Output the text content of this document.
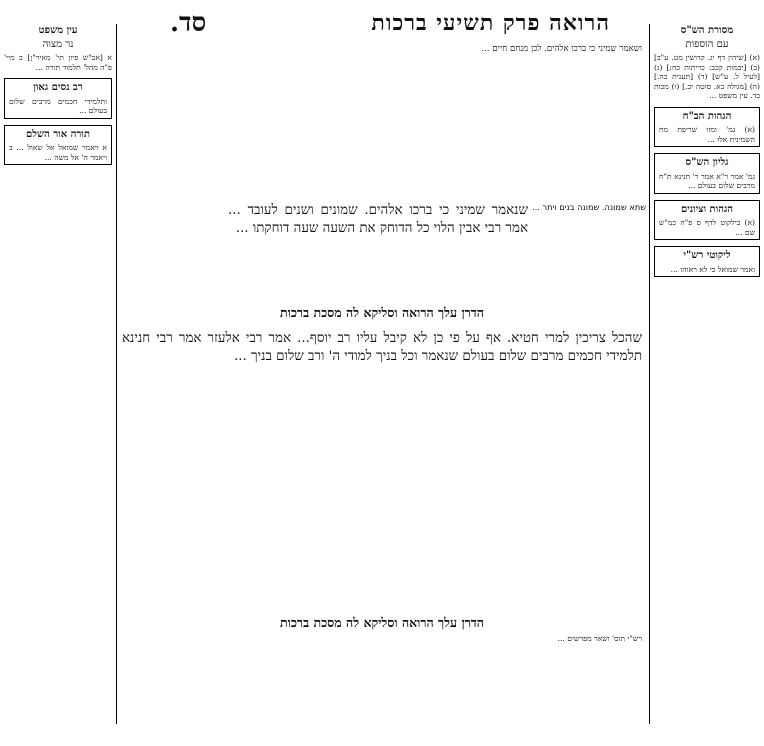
הרואה פרק תשיעי ברכות
סד.	מסורת הש"ס
עם הוספות

(א) [שיהין דף יג. קדושין מט. ע"ב] (ב) [יבמות קכב: כריתות כח:] (ג) [לעיל ל. ע"ש] (ד) [תענית כה.] (ה) [מגילה כא. סוטה יב.] (ו) מכות כד. עין משפט ...

הגהות הב"ח

(א) גמ' ומזו שריפת מח השמינית אלו ...

גליון הש"ס

גמ' אמר ר"א אמר ר' חנינא ת"ח מרבים שלום בעולם ...

הגהות וציונים

(א) בילקוט לדף ס פ"ה כמ"ש שם ...

ליקוטי רש"י

ואמר שמואל כי לא ראוהו ...

עין משפט
נר מצוה

א [אב"ש פיון תי' מאיר"ן] ב מיי' פ"ה מהל' תלמוד תורה ...

רב נסים גאון

ותלמידי חכמים מרבים שלום בעולם ...

תורה אור השלם

א ויאמר שמואל אל שאול ... ב ויאמר ה' אל משה ...

ושאמר שמיני כי ברכו אלהים. לכן מנחם חיים ...

שנאמר שמיני כי ברכו אלהים. שמונים ושנים לעובד ... אמר רבי אבין הלוי כל הדוחק את השעה שעה דוחקתו ...

שתא שמונה. שמונה בנים ויתר ...

הדרן עלך הרואה וסליקא לה מסכת ברכות

שהכל צריכין למרי חטיא. אף על פי כן לא קיבל עליו רב יוסף... אמר רבי אלעזר אמר רבי חנינא תלמידי חכמים מרבים שלום בעולם שנאמר וכל בניך למודי ה' ורב שלום בניך ...

הדרן עלך הרואה וסליקא לה מסכת ברכות

רש"י תוס' ושאר מפרשים ...
